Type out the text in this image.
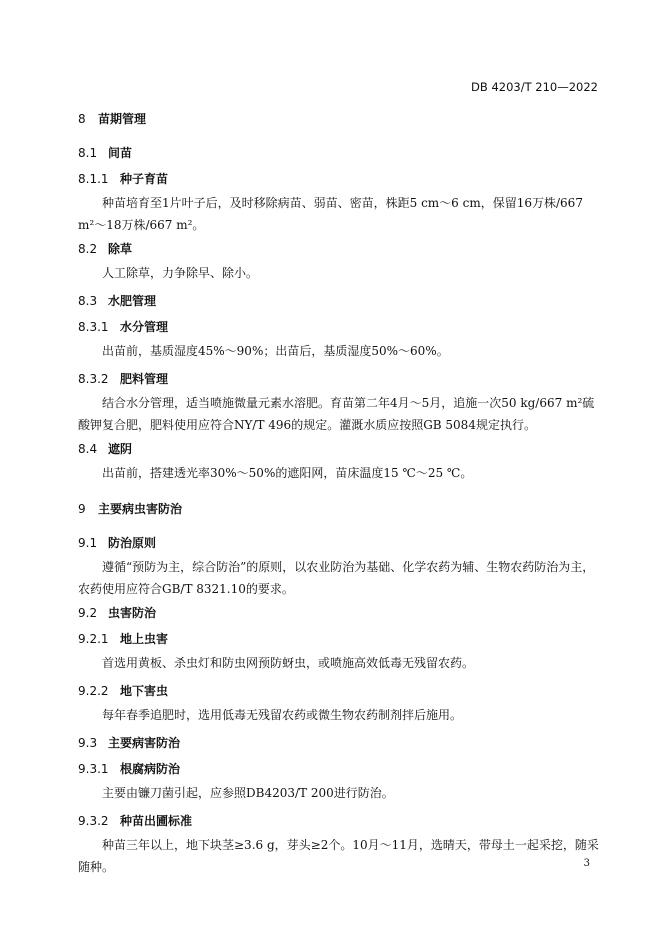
DB 4203/T 210—2022
8 苗期管理
8.1 间苗
8.1.1 种子育苗
种苗培育至1片叶子后，及时移除病苗、弱苗、密苗，株距5 cm～6 cm，保留16万株/667 m²～18万株/667 m²。
8.2 除草
人工除草，力争除早、除小。
8.3 水肥管理
8.3.1 水分管理
出苗前，基质湿度45%～90%；出苗后，基质湿度50%～60%。
8.3.2 肥料管理
结合水分管理，适当喷施微量元素水溶肥。育苗第二年4月～5月，追施一次50 kg/667 m²硫酸钾复合肥，肥料使用应符合NY/T 496的规定。灌溉水质应按照GB 5084规定执行。
8.4 遮阴
出苗前，搭建透光率30%～50%的遮阳网，苗床温度15 ℃～25 ℃。
9 主要病虫害防治
9.1 防治原则
遵循“预防为主，综合防治”的原则，以农业防治为基础、化学农药为辅、生物农药防治为主，农药使用应符合GB/T 8321.10的要求。
9.2 虫害防治
9.2.1 地上虫害
首选用黄板、杀虫灯和防虫网预防蚜虫，或喷施高效低毒无残留农药。
9.2.2 地下害虫
每年春季追肥时，选用低毒无残留农药或微生物农药制剂拌后施用。
9.3 主要病害防治
9.3.1 根腐病防治
主要由镰刀菌引起，应参照DB4203/T 200进行防治。
9.3.2 种苗出圃标准
种苗三年以上，地下块茎≥3.6 g，芽头≥2个。10月～11月，选晴天，带母土一起采挖，随采随种。	3
